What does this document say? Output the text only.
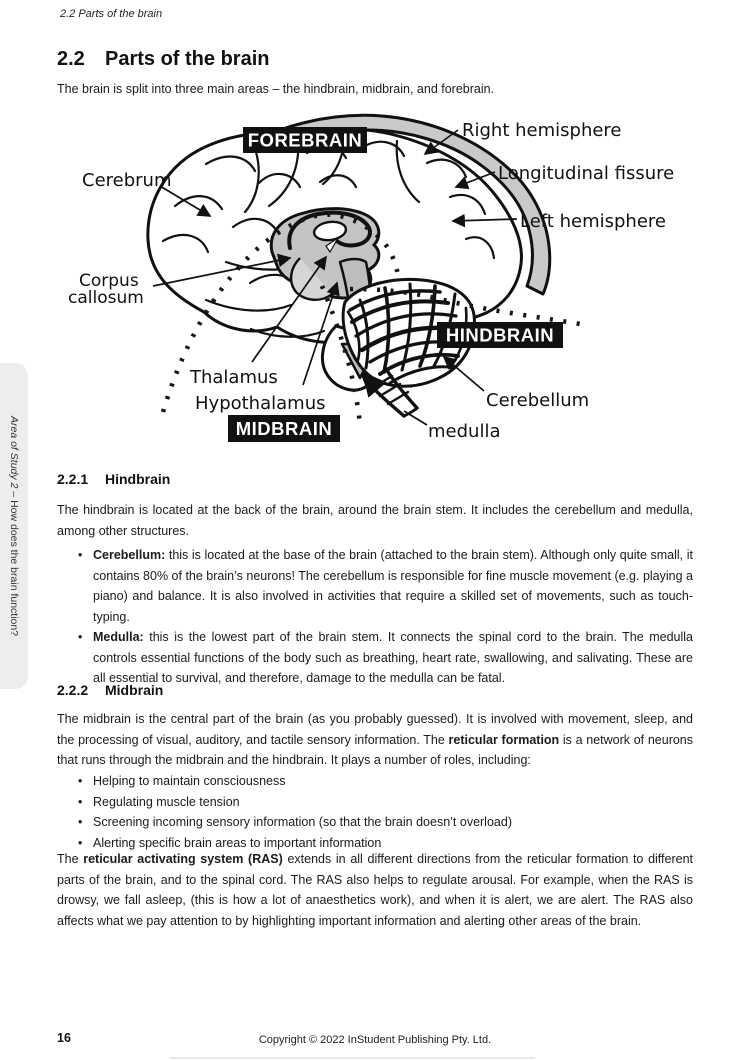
2.2 Parts of the brain
2.2 Parts of the brain
The brain is split into three main areas – the hindbrain, midbrain, and forebrain.
FOREBRAIN
HINDBRAIN
MIDBRAIN
Cerebrum
Corpus
callosum
Right hemisphere
Longitudinal fissure
Left hemisphere
Thalamus
Hypothalamus	Cerebellum
medulla
2.2.1 Hindbrain
The hindbrain is located at the back of the brain, around the brain stem. It includes the cerebellum and medulla, among other structures.
• Cerebellum: this is located at the base of the brain (attached to the brain stem). Although only quite small, it contains 80% of the brain’s neurons! The cerebellum is responsible for fine muscle movement (e.g. playing a piano) and balance. It is also involved in activities that require a skilled set of movements, such as touch-typing.
• Medulla: this is the lowest part of the brain stem. It connects the spinal cord to the brain. The medulla controls essential functions of the body such as breathing, heart rate, swallowing, and salivating. These are all essential to survival, and therefore, damage to the medulla can be fatal.
2.2.2 Midbrain
The midbrain is the central part of the brain (as you probably guessed). It is involved with movement, sleep, and the processing of visual, auditory, and tactile sensory information. The reticular formation is a network of neurons that runs through the midbrain and the hindbrain. It plays a number of roles, including:
• Helping to maintain consciousness
• Regulating muscle tension
• Screening incoming sensory information (so that the brain doesn’t overload)
• Alerting specific brain areas to important information
The reticular activating system (RAS) extends in all different directions from the reticular formation to different parts of the brain, and to the spinal cord. The RAS also helps to regulate arousal. For example, when the RAS is drowsy, we fall asleep, (this is how a lot of anaesthetics work), and when it is alert, we are alert. The RAS also affects what we pay attention to by highlighting important information and alerting other areas of the brain.
Area of Study 2 – How does the brain function?
16	Copyright © 2022 InStudent Publishing Pty. Ltd.
